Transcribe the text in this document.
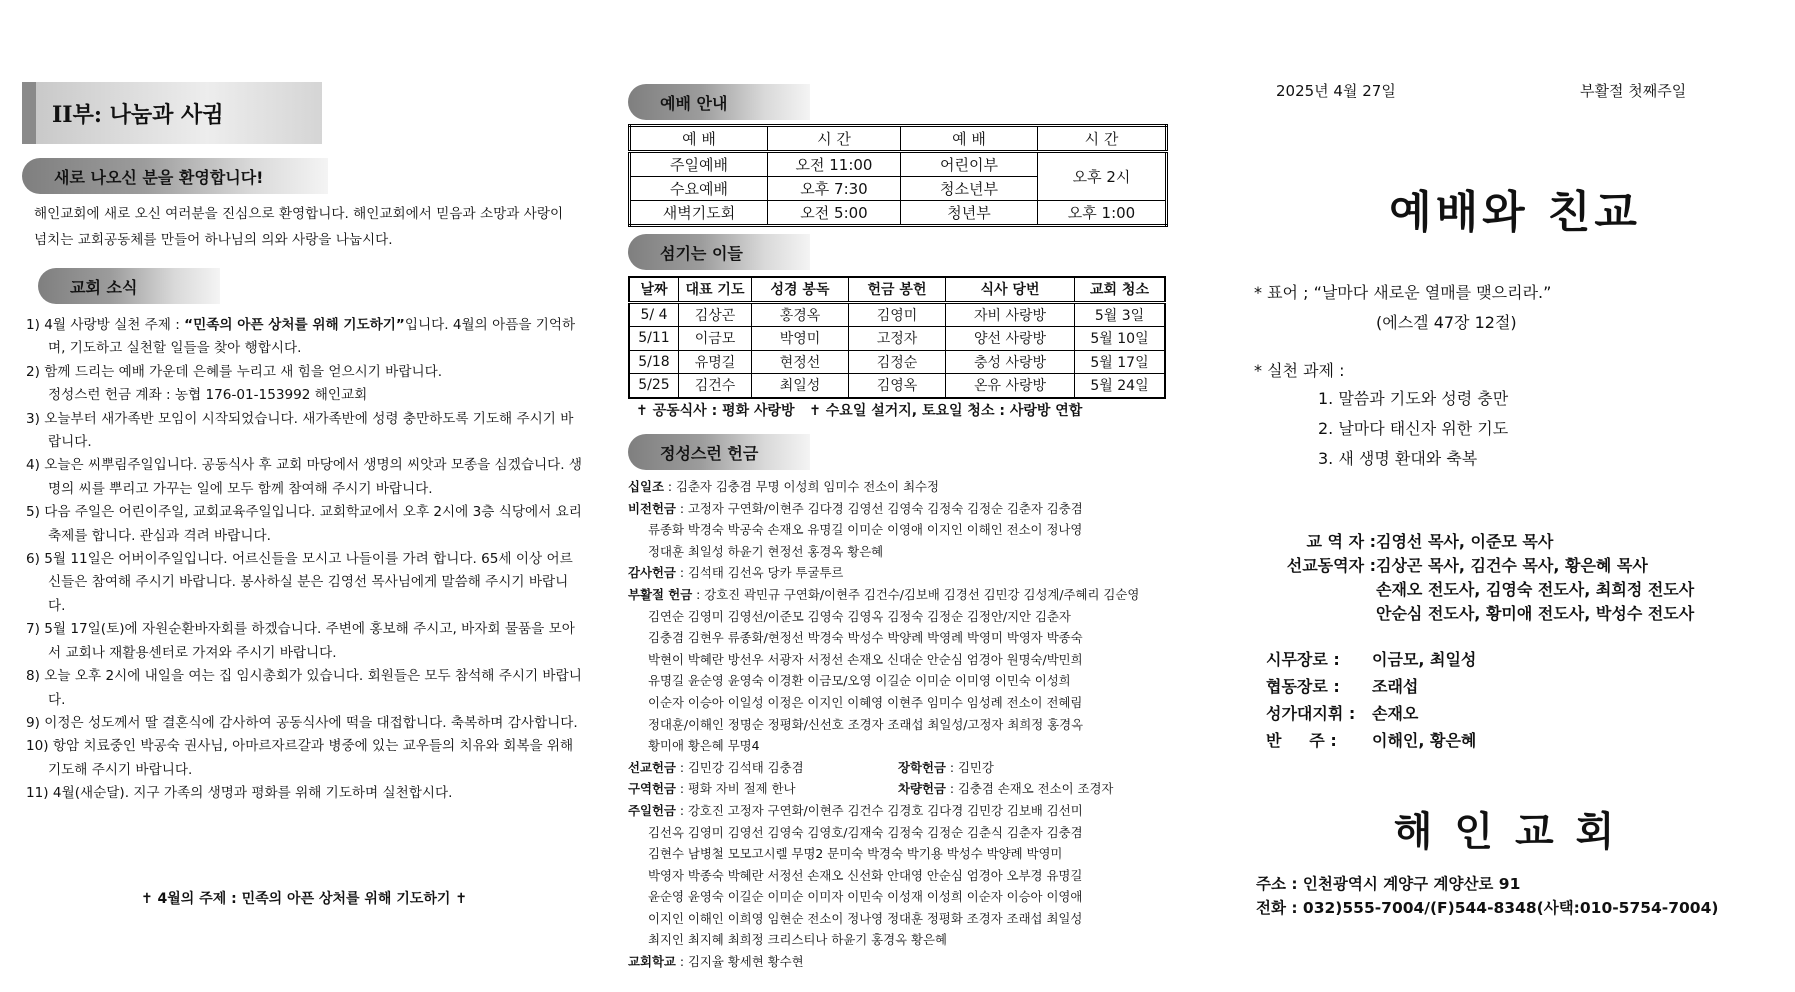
II부: 나눔과 사귐
새로 나오신 분을 환영합니다!
해인교회에 새로 오신 여러분을 진심으로 환영합니다. 해인교회에서 믿음과 소망과 사랑이 넘치는 교회공동체를 만들어 하나님의 의와 사랑을 나눕시다.
교회 소식
1) 4월 사랑방 실천 주제 : “민족의 아픈 상처를 위해 기도하기”입니다. 4월의 아픔을 기억하며, 기도하고 실천할 일들을 찾아 행합시다.
2) 함께 드리는 예배 가운데 은혜를 누리고 새 힘을 얻으시기 바랍니다.
정성스런 헌금 계좌 : 농협 176-01-153992 해인교회
3) 오늘부터 새가족반 모임이 시작되었습니다. 새가족반에 성령 충만하도록 기도해 주시기 바랍니다.
4) 오늘은 씨뿌림주일입니다. 공동식사 후 교회 마당에서 생명의 씨앗과 모종을 심겠습니다. 생명의 씨를 뿌리고 가꾸는 일에 모두 함께 참여해 주시기 바랍니다.
5) 다음 주일은 어린이주일, 교회교육주일입니다. 교회학교에서 오후 2시에 3층 식당에서 요리축제를 합니다. 관심과 격려 바랍니다.
6) 5월 11일은 어버이주일입니다. 어르신들을 모시고 나들이를 가려 합니다. 65세 이상 어르신들은 참여해 주시기 바랍니다. 봉사하실 분은 김영선 목사님에게 말씀해 주시기 바랍니다.
7) 5월 17일(토)에 자원순환바자회를 하겠습니다. 주변에 홍보해 주시고, 바자회 물품을 모아서 교회나 재활용센터로 가져와 주시기 바랍니다.
8) 오늘 오후 2시에 내일을 여는 집 임시총회가 있습니다. 회원들은 모두 참석해 주시기 바랍니다.
9) 이정은 성도께서 딸 결혼식에 감사하여 공동식사에 떡을 대접합니다. 축복하며 감사합니다.
10) 항암 치료중인 박공숙 권사님, 아마르자르갈과 병중에 있는 교우들의 치유와 회복을 위해 기도해 주시기 바랍니다.
11) 4월(새순달). 지구 가족의 생명과 평화를 위해 기도하며 실천합시다.
✝ 4월의 주제 : 민족의 아픈 상처를 위해 기도하기 ✝
예배 안내
예 배	시 간	예 배	시 간
주일예배	오전 11:00	어린이부	오후 2시
수요예배	오후 7:30	청소년부	
새벽기도회	오전 5:00	청년부	오후 1:00
섬기는 이들
날짜	대표 기도	성경 봉독	헌금 봉헌	식사 당번	교회 청소
5/ 4	김상곤	홍경옥	김영미	자비 사랑방	5월 3일
5/11	이금모	박영미	고정자	양선 사랑방	5월 10일
5/18	유명길	현정선	김정순	충성 사랑방	5월 17일
5/25	김건수	최일성	김영옥	온유 사랑방	5월 24일
✝ 공동식사 : 평화 사랑방   ✝ 수요일 설거지, 토요일 청소 : 사랑방 연합
정성스런 헌금
십일조 : 김춘자 김충겸 무명 이성희 임미수 전소이 최수정
비전헌금 : 고정자 구연화/이현주 김다경 김영선 김영숙 김정숙 김정순 김춘자 김충겸
류종화 박경숙 박공숙 손재오 유명길 이미순 이영애 이지인 이해인 전소이 정나영
정대훈 최일성 하윤기 현정선 홍경옥 황은혜
감사헌금 : 김석태 김선옥 당카 투굴투르
부활절 헌금 : 강호진 곽민규 구연화/이현주 김건수/김보배 김경선 김민강 김성계/주혜리 김순영
김연순 김영미 김영선/이준모 김영숙 김영옥 김정숙 김정순 김정안/지안 김춘자
김충겸 김현우 류종화/현정선 박경숙 박성수 박양례 박영례 박영미 박영자 박종숙
박현이 박혜란 방선우 서광자 서정선 손재오 신대순 안순심 엄경아 원명숙/박민희
유명길 윤순영 윤영숙 이경환 이금모/오영 이길순 이미순 이미영 이민숙 이성희
이순자 이승아 이일성 이정은 이지인 이혜영 이현주 임미수 임성례 전소이 전혜림
정대훈/이해인 정명순 정평화/신선호 조경자 조래섭 최일성/고정자 최희정 홍경옥
황미애 황은혜 무명4
선교헌금 : 김민강 김석태 김충겸	장학헌금 : 김민강
구역헌금 : 평화 자비 절제 한나	차량헌금 : 김충겸 손재오 전소이 조경자
주일헌금 : 강호진 고정자 구연화/이현주 김건수 김경호 김다경 김민강 김보배 김선미
김선옥 김영미 김영선 김영숙 김영호/김재숙 김정숙 김정순 김춘식 김춘자 김충겸
김현수 남병철 모모고시렐 무명2 문미숙 박경숙 박기용 박성수 박양례 박영미
박영자 박종숙 박혜란 서정선 손재오 신선화 안대영 안순심 엄경아 오부경 유명길
윤순영 윤영숙 이길순 이미순 이미자 이민숙 이성재 이성희 이순자 이승아 이영애
이지인 이해인 이희영 임현순 전소이 정나영 정대훈 정평화 조경자 조래섭 최일성
최지인 최지혜 최희정 크리스티나 하윤기 홍경옥 황은혜
교회학교 : 김지율 황세현 황수현
2025년 4월 27일	부활절 첫째주일
예배와 친교
* 표어 ; “날마다 새로운 열매를 맺으리라.”
(에스겔 47장 12절)
* 실천 과제 :
1. 말씀과 기도와 성령 충만
2. 날마다 태신자 위한 기도
3. 새 생명 환대와 축복
교 역 자 :김영선 목사, 이준모 목사
선교동역자 :김상곤 목사, 김건수 목사, 황은혜 목사
손재오 전도사, 김영숙 전도사, 최희정 전도사
안순심 전도사, 황미애 전도사, 박성수 전도사
시무장로 : 이금모, 최일성
협동장로 : 조래섭
성가대지휘 : 손재오
반     주 : 이해인, 황은혜
해인교회
주소 : 인천광역시 계양구 계양산로 91
전화 : 032)555-7004/(F)544-8348(사택:010-5754-7004)
